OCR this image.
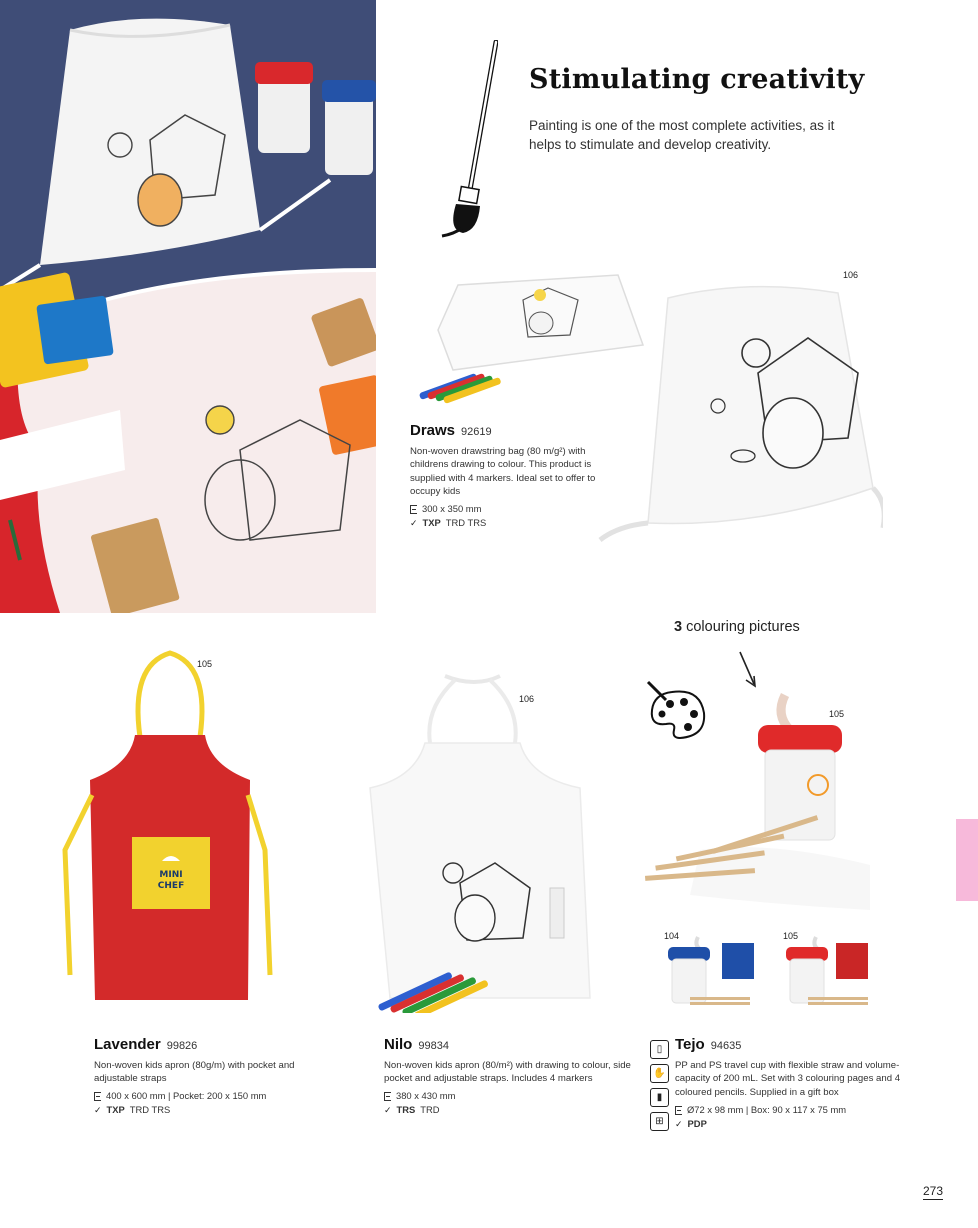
Stimulating creativity
Painting is one of the most complete activities, as it helps to stimulate and develop creativity.
106
Draws 92619
Non-woven drawstring bag (80 m/g²) with childrens drawing to colour. This product is supplied with 4 markers. Ideal set to offer to occupy kids
300 x 350 mm
✓ TXP TRD TRS
3 colouring pictures
105
MINI
CHEF
Lavender 99826
Non-woven kids apron (80g/m) with pocket and adjustable straps
400 x 600 mm | Pocket: 200 x 150 mm
✓ TXP TRD TRS
106
Nilo 99834
Non-woven kids apron (80/m²) with drawing to colour, side pocket and adjustable straps. Includes 4 markers
380 x 430 mm
✓ TRS TRD
105
104	105
▯
✋
▮
⊞
Tejo 94635
PP and PS travel cup with flexible straw and volume-capacity of 200 mL. Set with 3 colouring pages and 4 coloured pencils. Supplied in a gift box
Ø72 x 98 mm | Box: 90 x 117 x 75 mm
✓ PDP
273
